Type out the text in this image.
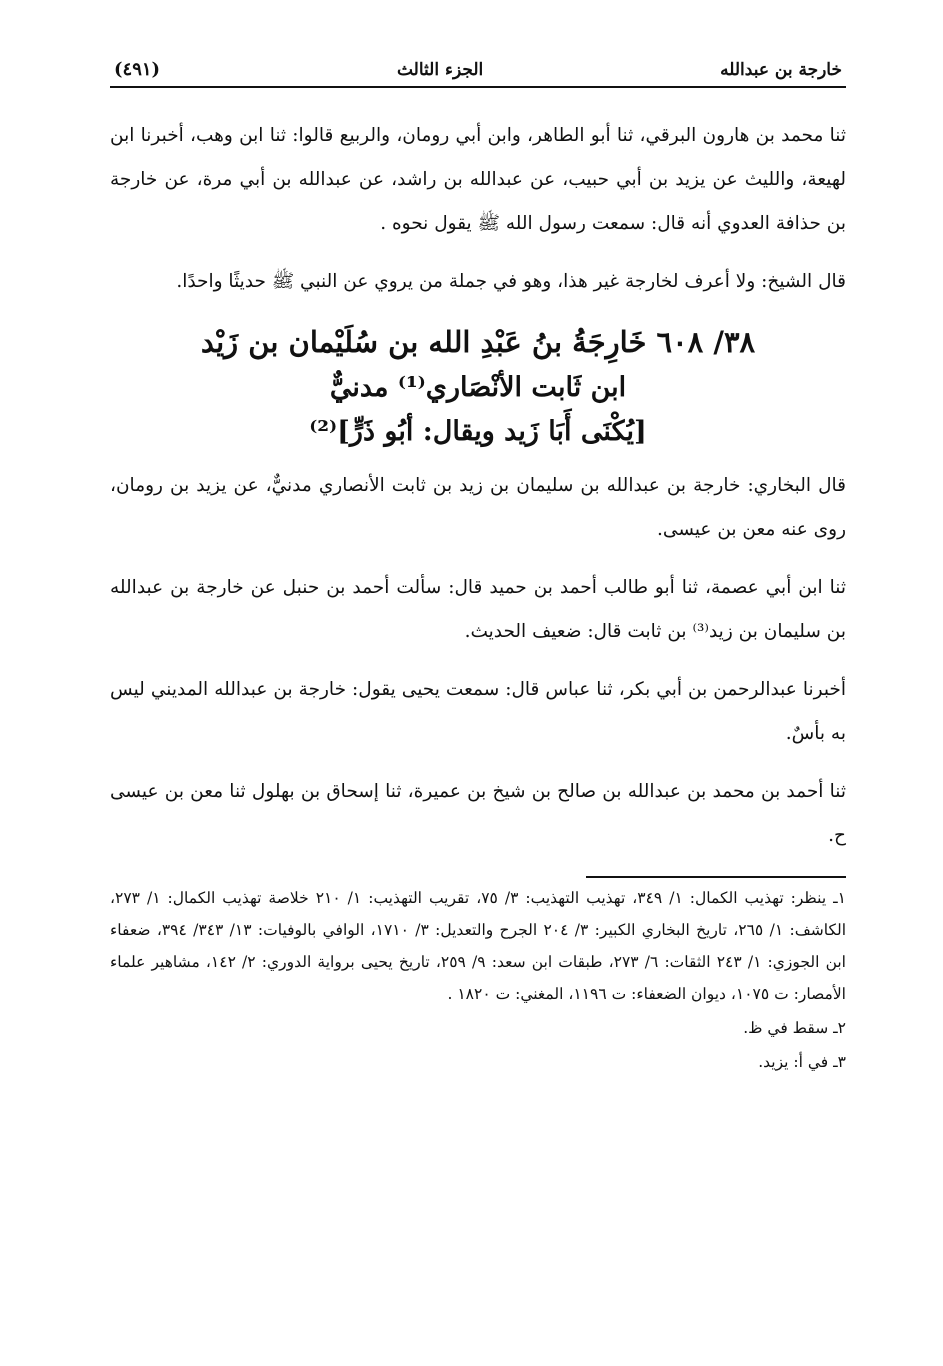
خارجة بن عبدالله
الجزء الثالث
(٤٩١)

ثنا محمد بن هارون البرقي، ثنا أبو الطاهر، وابن أبي رومان، والربيع قالوا: ثنا ابن وهب، أخبرنا ابن لهيعة، والليث عن يزيد بن أبي حبيب، عن عبدالله بن راشد، عن عبدالله بن أبي مرة، عن خارجة بن حذافة العدوي أنه قال: سمعت رسول الله ﷺ يقول نحوه .

قال الشيخ: ولا أعرف لخارجة غير هذا، وهو في جملة من يروي عن النبي ﷺ حديثًا واحدًا.

٣٨/ ٦٠٨ خَارِجَةُ بنُ عَبْدِ الله بن سُلَيْمان بن زَيْد
ابن ثَابت الأنْصَاري⁽¹⁾ مدنيٌّ
[يُكْنَى أَبَا زَيد ويقال: أبُو ذَرٍّ]⁽²⁾

قال البخاري: خارجة بن عبدالله بن سليمان بن زيد بن ثابت الأنصاري مدنيٌّ، عن يزيد بن رومان، روى عنه معن بن عيسى.

ثنا ابن أبي عصمة، ثنا أبو طالب أحمد بن حميد قال: سألت أحمد بن حنبل عن خارجة بن عبدالله بن سليمان بن زيد⁽³⁾ بن ثابت قال: ضعيف الحديث.

أخبرنا عبدالرحمن بن أبي بكر، ثنا عباس قال: سمعت يحيى يقول: خارجة بن عبدالله المديني ليس به بأسٌ.

ثنا أحمد بن محمد بن عبدالله بن صالح بن شيخ بن عميرة، ثنا إسحاق بن بهلول ثنا معن بن عيسى ح.

١ـ ينظر: تهذيب الكمال: ١/ ٣٤٩، تهذيب التهذيب: ٣/ ٧٥، تقريب التهذيب: ١/ ٢١٠ خلاصة تهذيب الكمال: ١/ ٢٧٣، الكاشف: ١/ ٢٦٥، تاريخ البخاري الكبير: ٣/ ٢٠٤ الجرح والتعديل: ٣/ ١٧١٠، الوافي بالوفيات: ١٣/ ٣٤٣/ ٣٩٤، ضعفاء ابن الجوزي: ١/ ٢٤٣ الثقات: ٦/ ٢٧٣، طبقات ابن سعد: ٩/ ٢٥٩، تاريخ يحيى برواية الدوري: ٢/ ١٤٢، مشاهير علماء الأمصار: ت ١٠٧٥، ديوان الضعفاء: ت ١١٩٦، المغني: ت ١٨٢٠ .

٢ـ سقط في ظ.

٣ـ في أ: يزيد.
